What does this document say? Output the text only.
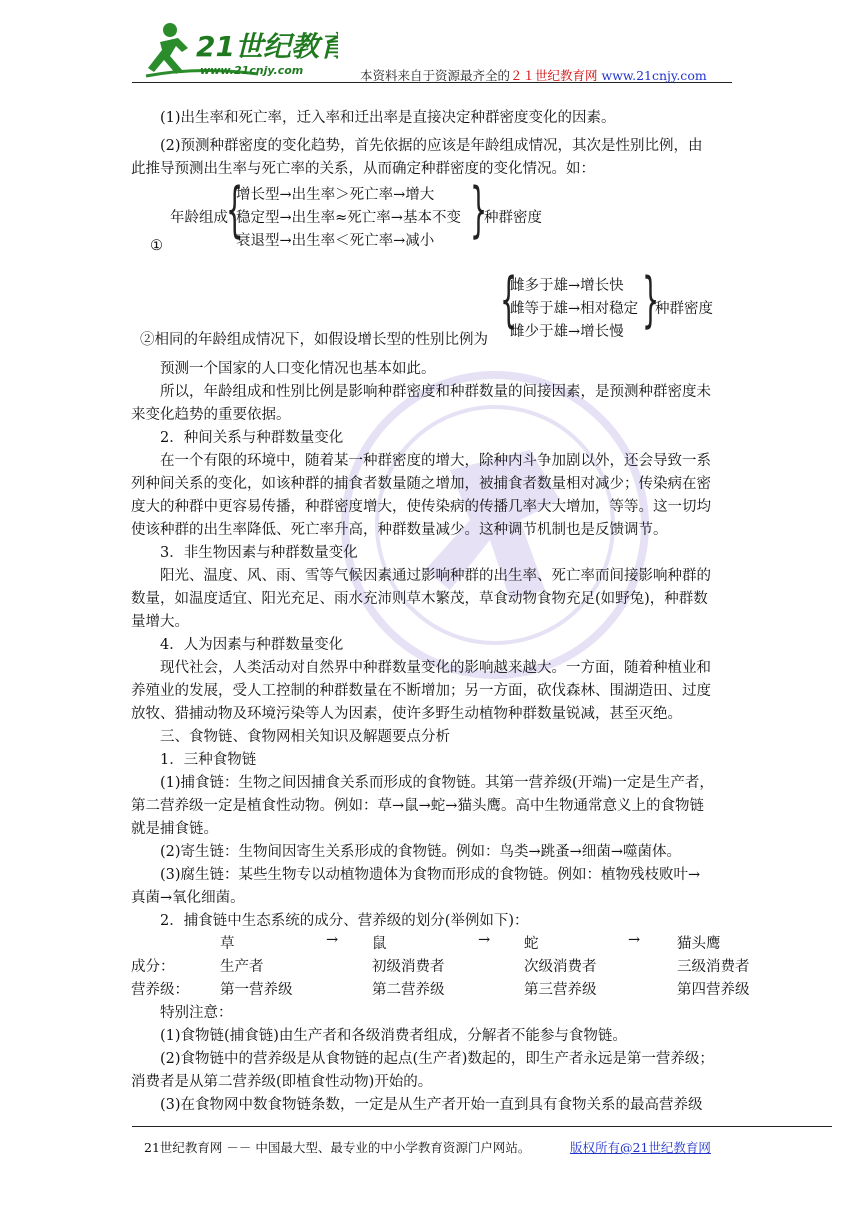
21世纪教育
www.21cnjy.com	本资料来自于资源最齐全的２１世纪教育网 www.21cnjy.com
(1)出生率和死亡率，迁入率和迁出率是直接决定种群密度变化的因素。
(2)预测种群密度的变化趋势，首先依据的应该是年龄组成情况，其次是性别比例，由
此推导预测出生率与死亡率的关系，从而确定种群密度的变化情况。如：
年龄组成
{
增长型→出生率＞死亡率→增大
稳定型→出生率≈死亡率→基本不变
衰退型→出生率＜死亡率→减小 }
种群密度
①
②相同的年龄组成情况下，如假设增长型的性别比例为
{
雌多于雄→增长快
雌等于雄→相对稳定
雌少于雄→增长慢 }
种群密度
预测一个国家的人口变化情况也基本如此。
所以，年龄组成和性别比例是影响种群密度和种群数量的间接因素，是预测种群密度未
来变化趋势的重要依据。
2．种间关系与种群数量变化
在一个有限的环境中，随着某一种群密度的增大，除种内斗争加剧以外，还会导致一系
列种间关系的变化，如该种群的捕食者数量随之增加，被捕食者数量相对减少；传染病在密
度大的种群中更容易传播，种群密度增大，使传染病的传播几率大大增加，等等。这一切均
使该种群的出生率降低、死亡率升高，种群数量减少。这种调节机制也是反馈调节。
3．非生物因素与种群数量变化
阳光、温度、风、雨、雪等气候因素通过影响种群的出生率、死亡率而间接影响种群的
数量，如温度适宜、阳光充足、雨水充沛则草木繁茂，草食动物食物充足(如野兔)，种群数
量增大。
4．人为因素与种群数量变化
现代社会，人类活动对自然界中种群数量变化的影响越来越大。一方面，随着种植业和
养殖业的发展，受人工控制的种群数量在不断增加；另一方面，砍伐森林、围湖造田、过度
放牧、猎捕动物及环境污染等人为因素，使许多野生动植物种群数量锐减，甚至灭绝。
三、食物链、食物网相关知识及解题要点分析
1．三种食物链
(1)捕食链：生物之间因捕食关系而形成的食物链。其第一营养级(开端)一定是生产者，
第二营养级一定是植食性动物。例如：草→鼠→蛇→猫头鹰。高中生物通常意义上的食物链
就是捕食链。
(2)寄生链：生物间因寄生关系形成的食物链。例如：鸟类→跳蚤→细菌→噬菌体。
(3)腐生链：某些生物专以动植物遗体为食物而形成的食物链。例如：植物残枝败叶→
真菌→氧化细菌。
2．捕食链中生态系统的成分、营养级的划分(举例如下)：
草	→ 鼠	→ 蛇	→	猫头鹰
成分：	生产者	初级消费者	次级消费者	三级消费者
营养级： 第一营养级	第二营养级	第三营养级	第四营养级
特别注意：
(1)食物链(捕食链)由生产者和各级消费者组成，分解者不能参与食物链。
(2)食物链中的营养级是从食物链的起点(生产者)数起的，即生产者永远是第一营养级；
消费者是从第二营养级(即植食性动物)开始的。
(3)在食物网中数食物链条数，一定是从生产者开始一直到具有食物关系的最高营养级
21世纪教育网 －－ 中国最大型、最专业的中小学教育资源门户网站。	版权所有@21世纪教育网
